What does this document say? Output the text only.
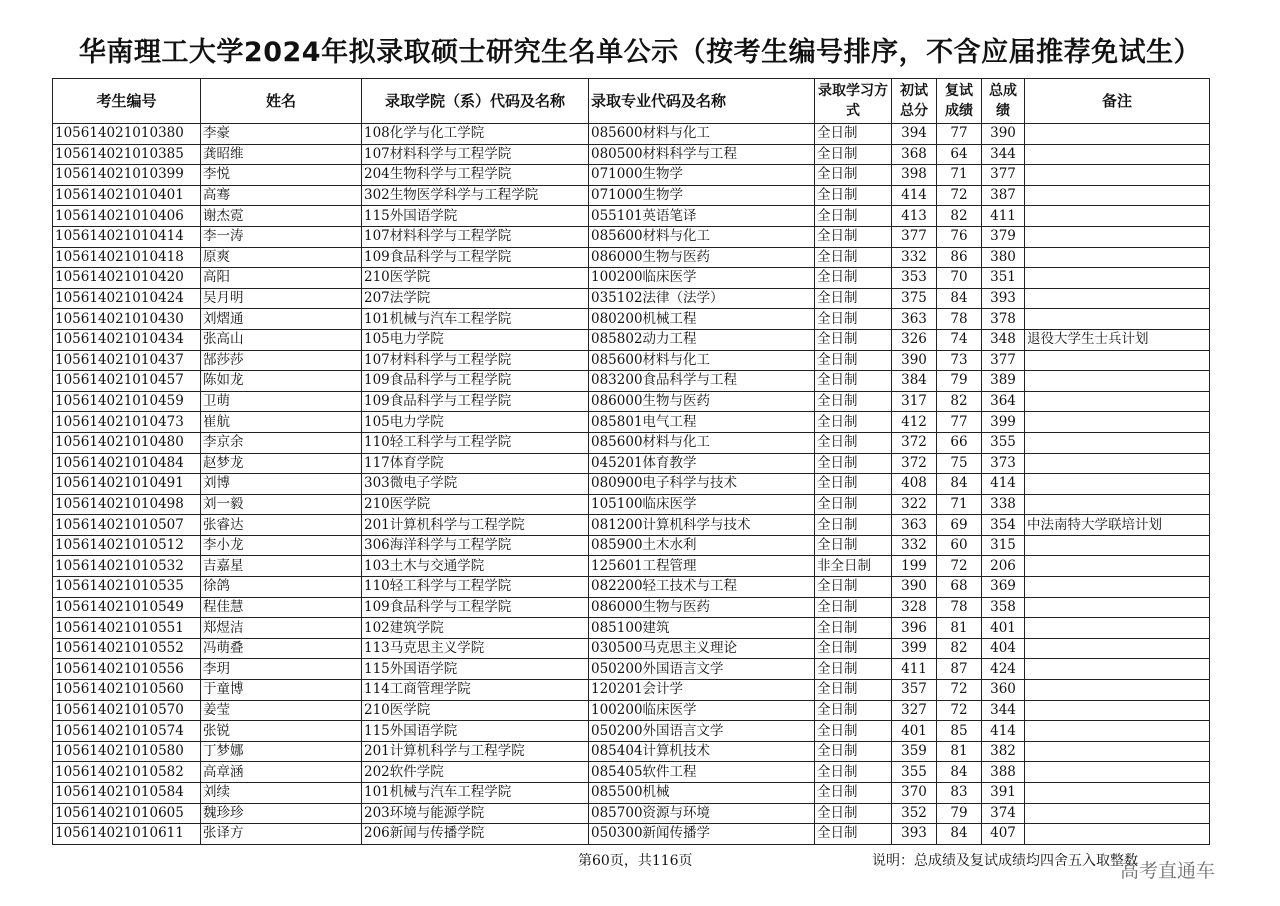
华南理工大学2024年拟录取硕士研究生名单公示（按考生编号排序，不含应届推荐免试生）
考生编号	姓名	录取学院（系）代码及名称	录取专业代码及名称	录取学习方式	初试总分	复试成绩	总成绩	备注
105614021010380	李豪	108化学与化工学院	085600材料与化工	全日制	394	77	390	
105614021010385	龚昭维	107材料科学与工程学院	080500材料科学与工程	全日制	368	64	344	
105614021010399	李悦	204生物科学与工程学院	071000生物学	全日制	398	71	377	
105614021010401	高骞	302生物医学科学与工程学院	071000生物学	全日制	414	72	387	
105614021010406	谢杰霓	115外国语学院	055101英语笔译	全日制	413	82	411	
105614021010414	李一涛	107材料科学与工程学院	085600材料与化工	全日制	377	76	379	
105614021010418	原爽	109食品科学与工程学院	086000生物与医药	全日制	332	86	380	
105614021010420	高阳	210医学院	100200临床医学	全日制	353	70	351	
105614021010424	吴月明	207法学院	035102法律（法学）	全日制	375	84	393	
105614021010430	刘熠通	101机械与汽车工程学院	080200机械工程	全日制	363	78	378	
105614021010434	张高山	105电力学院	085802动力工程	全日制	326	74	348	退役大学生士兵计划
105614021010437	郜莎莎	107材料科学与工程学院	085600材料与化工	全日制	390	73	377	
105614021010457	陈如龙	109食品科学与工程学院	083200食品科学与工程	全日制	384	79	389	
105614021010459	卫萌	109食品科学与工程学院	086000生物与医药	全日制	317	82	364	
105614021010473	崔航	105电力学院	085801电气工程	全日制	412	77	399	
105614021010480	李京余	110轻工科学与工程学院	085600材料与化工	全日制	372	66	355	
105614021010484	赵梦龙	117体育学院	045201体育教学	全日制	372	75	373	
105614021010491	刘博	303微电子学院	080900电子科学与技术	全日制	408	84	414	
105614021010498	刘一毅	210医学院	105100临床医学	全日制	322	71	338	
105614021010507	张睿达	201计算机科学与工程学院	081200计算机科学与技术	全日制	363	69	354	中法南特大学联培计划
105614021010512	李小龙	306海洋科学与工程学院	085900土木水利	全日制	332	60	315	
105614021010532	吉嘉星	103土木与交通学院	125601工程管理	非全日制	199	72	206	
105614021010535	徐鸽	110轻工科学与工程学院	082200轻工技术与工程	全日制	390	68	369	
105614021010549	程佳慧	109食品科学与工程学院	086000生物与医药	全日制	328	78	358	
105614021010551	郑煜洁	102建筑学院	085100建筑	全日制	396	81	401	
105614021010552	冯萌叠	113马克思主义学院	030500马克思主义理论	全日制	399	82	404	
105614021010556	李玥	115外国语学院	050200外国语言文学	全日制	411	87	424	
105614021010560	于童博	114工商管理学院	120201会计学	全日制	357	72	360	
105614021010570	姜莹	210医学院	100200临床医学	全日制	327	72	344	
105614021010574	张锐	115外国语学院	050200外国语言文学	全日制	401	85	414	
105614021010580	丁梦娜	201计算机科学与工程学院	085404计算机技术	全日制	359	81	382	
105614021010582	高章涵	202软件学院	085405软件工程	全日制	355	84	388	
105614021010584	刘续	101机械与汽车工程学院	085500机械	全日制	370	83	391	
105614021010605	魏珍珍	203环境与能源学院	085700资源与环境	全日制	352	79	374	
105614021010611	张译方	206新闻与传播学院	050300新闻传播学	全日制	393	84	407	
第60页，共116页	说明：总成绩及复试成绩均四舍五入取整数
高考直通车
